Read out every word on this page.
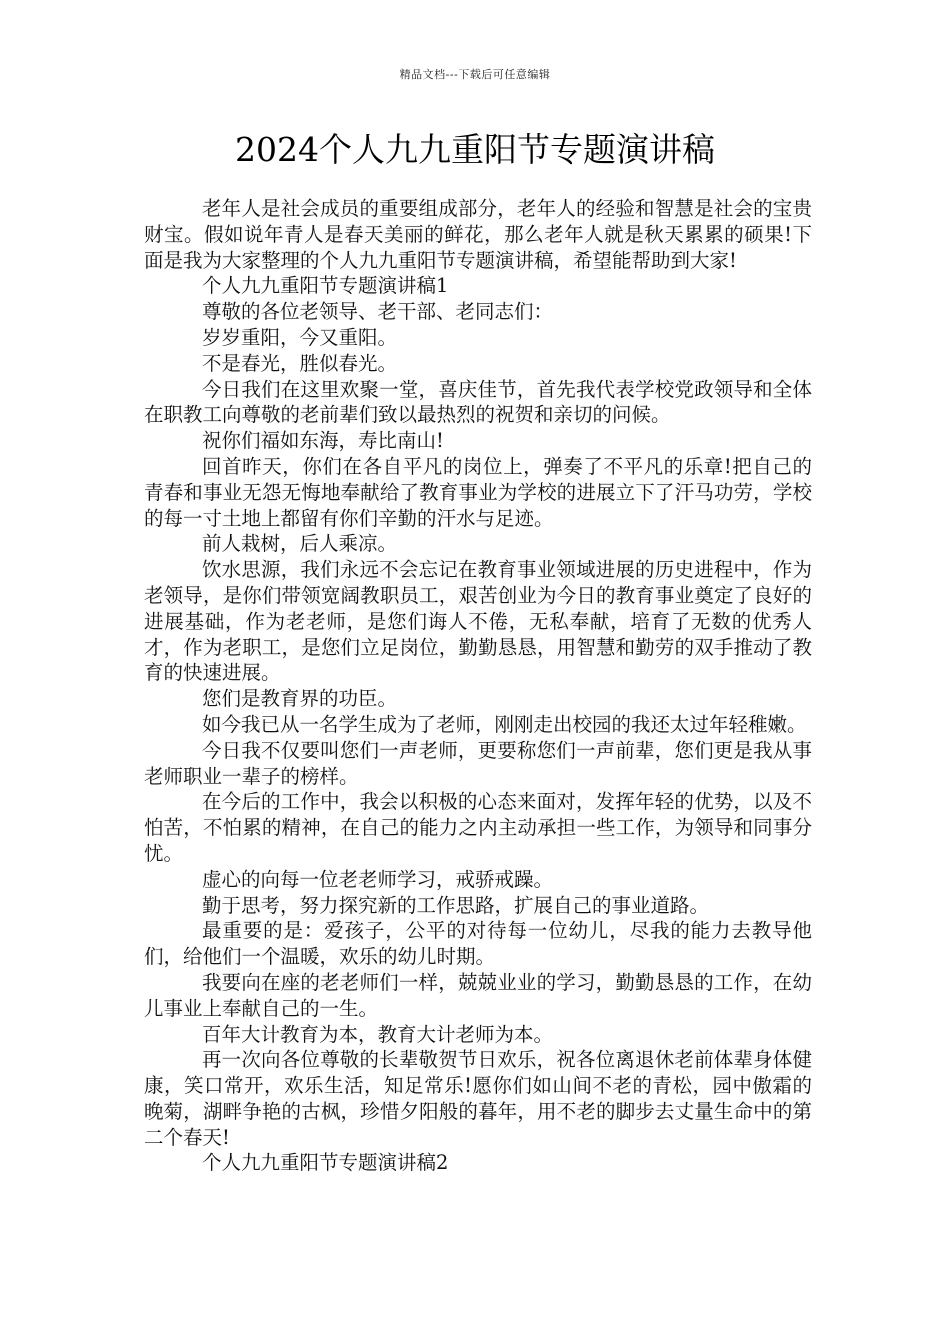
精品文档---下载后可任意编辑
2024个人九九重阳节专题演讲稿

老年人是社会成员的重要组成部分，老年人的经验和智慧是社会的宝贵财宝。假如说年青人是春天美丽的鲜花，那么老年人就是秋天累累的硕果!下面是我为大家整理的个人九九重阳节专题演讲稿，希望能帮助到大家!

个人九九重阳节专题演讲稿1

尊敬的各位老领导、老干部、老同志们：

岁岁重阳，今又重阳。

不是春光，胜似春光。

今日我们在这里欢聚一堂，喜庆佳节，首先我代表学校党政领导和全体在职教工向尊敬的老前辈们致以最热烈的祝贺和亲切的问候。

祝你们福如东海，寿比南山!

回首昨天，你们在各自平凡的岗位上，弹奏了不平凡的乐章!把自己的青春和事业无怨无悔地奉献给了教育事业为学校的进展立下了汗马功劳，学校的每一寸土地上都留有你们辛勤的汗水与足迹。

前人栽树，后人乘凉。

饮水思源，我们永远不会忘记在教育事业领域进展的历史进程中，作为老领导，是你们带领宽阔教职员工，艰苦创业为今日的教育事业奠定了良好的进展基础，作为老老师，是您们诲人不倦，无私奉献，培育了无数的优秀人才，作为老职工，是您们立足岗位，勤勤恳恳，用智慧和勤劳的双手推动了教育的快速进展。

您们是教育界的功臣。

如今我已从一名学生成为了老师，刚刚走出校园的我还太过年轻稚嫩。

今日我不仅要叫您们一声老师，更要称您们一声前辈，您们更是我从事老师职业一辈子的榜样。

在今后的工作中，我会以积极的心态来面对，发挥年轻的优势，以及不怕苦，不怕累的精神，在自己的能力之内主动承担一些工作，为领导和同事分忧。

虚心的向每一位老老师学习，戒骄戒躁。

勤于思考，努力探究新的工作思路，扩展自己的事业道路。

最重要的是：爱孩子，公平的对待每一位幼儿，尽我的能力去教导他们，给他们一个温暖，欢乐的幼儿时期。

我要向在座的老老师们一样，兢兢业业的学习，勤勤恳恳的工作，在幼儿事业上奉献自己的一生。

百年大计教育为本，教育大计老师为本。

再一次向各位尊敬的长辈敬贺节日欢乐，祝各位离退休老前体辈身体健康，笑口常开，欢乐生活，知足常乐!愿你们如山间不老的青松，园中傲霜的晚菊，湖畔争艳的古枫，珍惜夕阳般的暮年，用不老的脚步去丈量生命中的第二个春天!

个人九九重阳节专题演讲稿2
